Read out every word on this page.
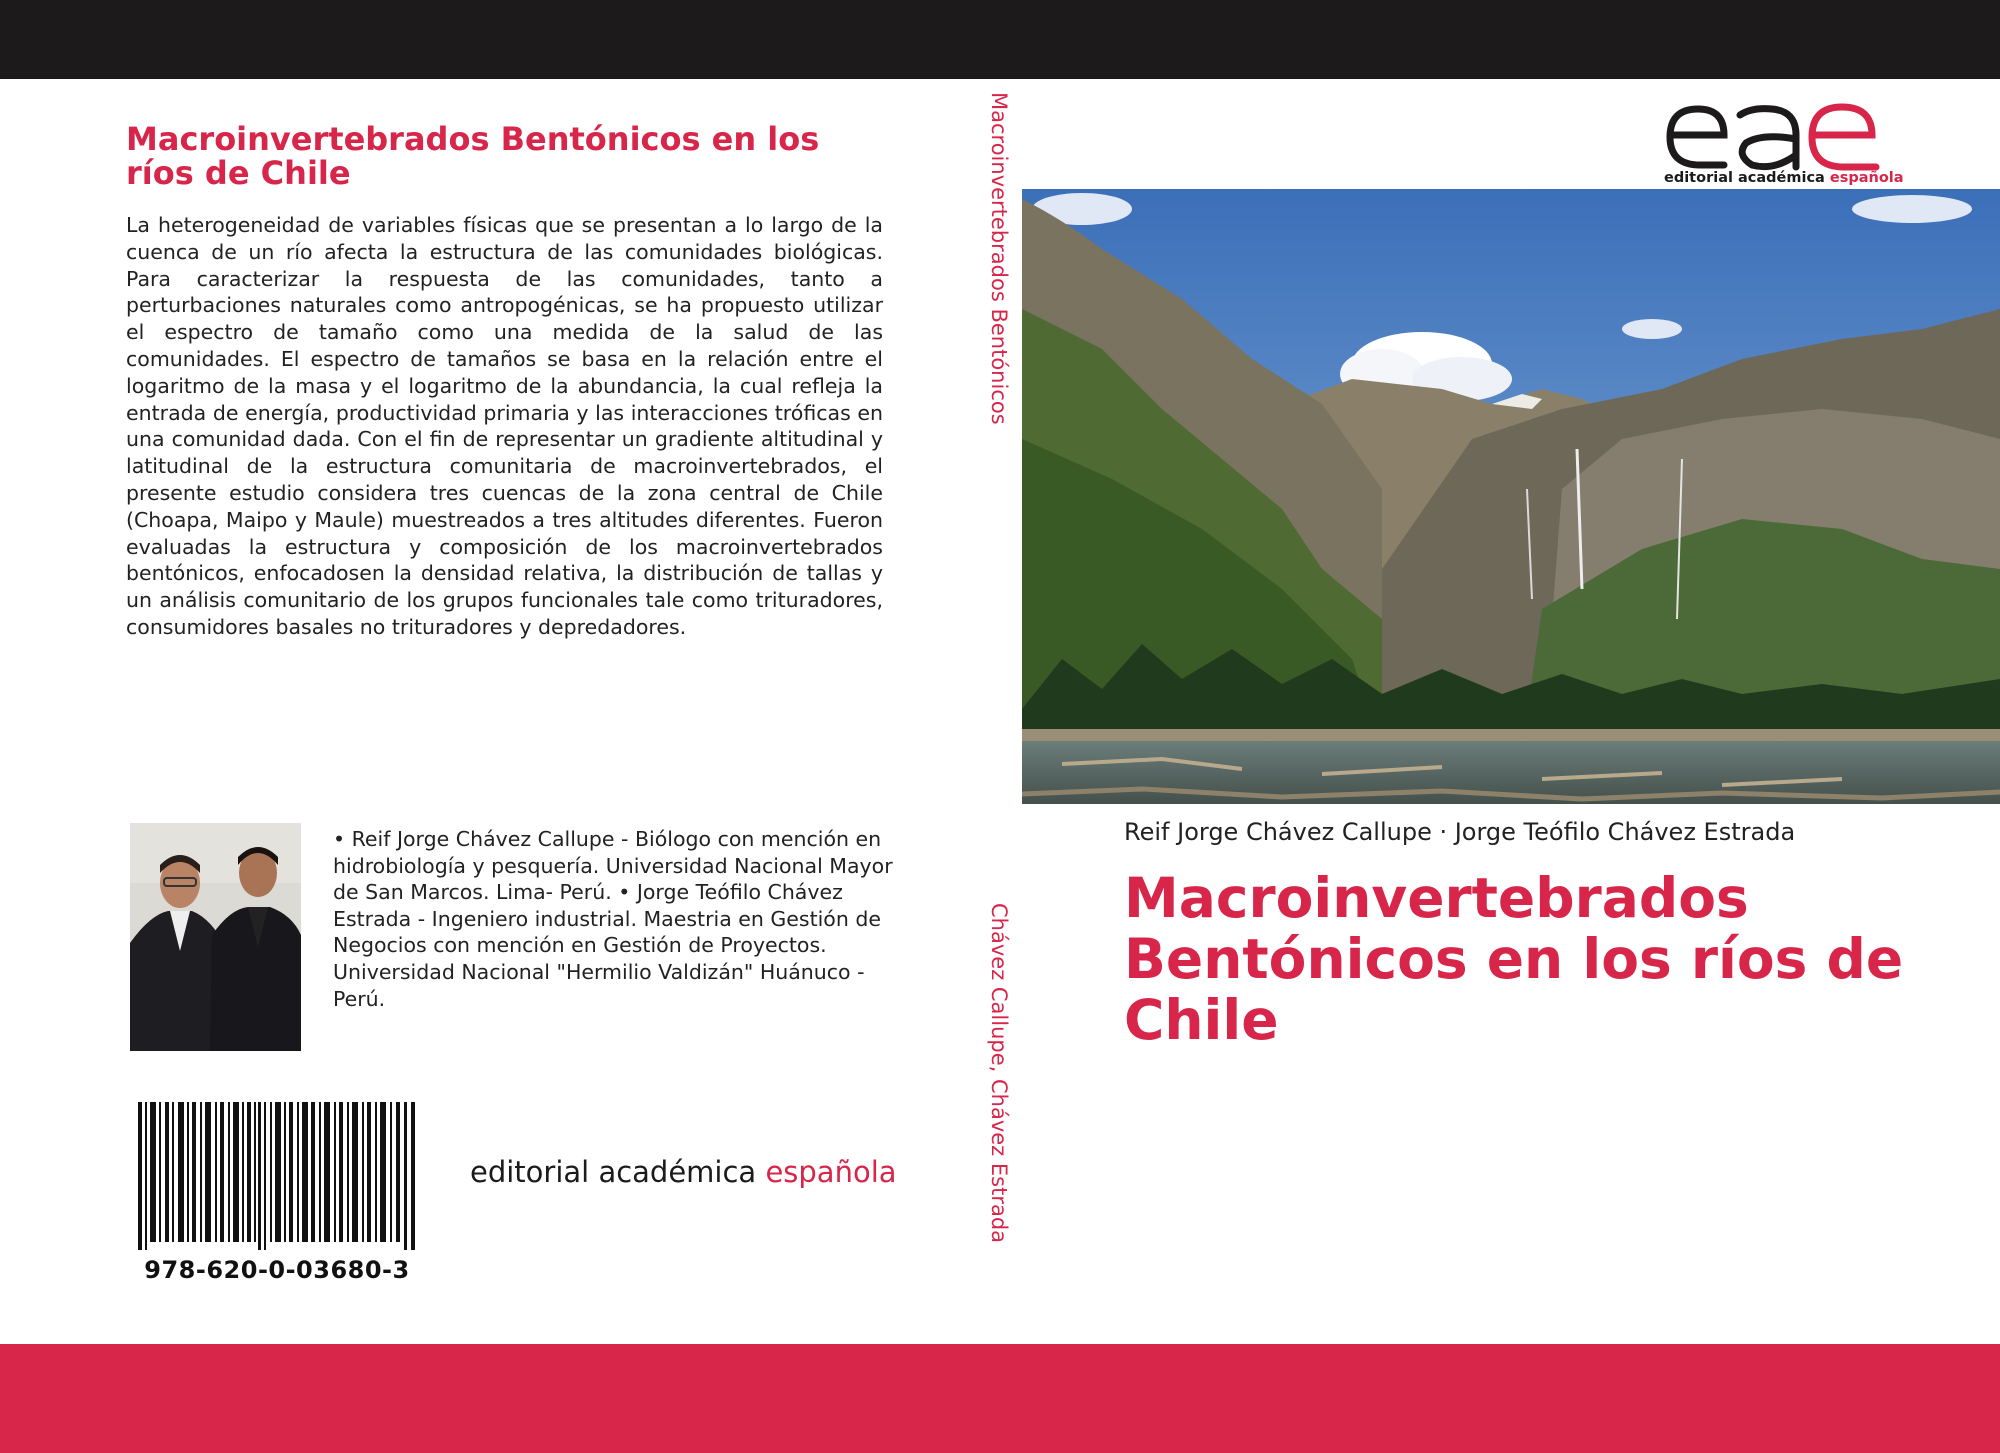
Macroinvertebrados Bentónicos en los ríos de Chile

La heterogeneidad de variables físicas que se presentan a lo largo de la cuenca de un río afecta la estructura de las comunidades biológicas. Para caracterizar la respuesta de las comunidades, tanto a perturbaciones naturales como antropogénicas, se ha propuesto utilizar el espectro de tamaño como una medida de la salud de las comunidades. El espectro de tamaños se basa en la relación entre el logaritmo de la masa y el logaritmo de la abundancia, la cual refleja la entrada de energía, productividad primaria y las interacciones tróficas en una comunidad dada. Con el fin de representar un gradiente altitudinal y latitudinal de la estructura comunitaria de macroinvertebrados, el presente estudio considera tres cuencas de la zona central de Chile (Choapa, Maipo y Maule) muestreados a tres altitudes diferentes. Fueron evaluadas la estructura y composición de los macroinvertebrados bentónicos, enfocadosen la densidad relativa, la distribución de tallas y un análisis comunitario de los grupos funcionales tale como trituradores, consumidores basales no trituradores y depredadores.

• Reif Jorge Chávez Callupe - Biólogo con mención en hidrobiología y pesquería. Universidad Nacional Mayor de San Marcos. Lima- Perú. • Jorge Teófilo Chávez Estrada - Ingeniero industrial. Maestria en Gestión de Negocios con mención en Gestión de Proyectos. Universidad Nacional "Hermilio Valdizán" Huánuco - Perú.

978-620-0-03680-3
editorial académica española
Macroinvertebrados Bentónicos
Chávez Callupe, Chávez Estrada
editorial académica española
Reif Jorge Chávez Callupe · Jorge Teófilo Chávez Estrada
Macroinvertebrados Bentónicos en los ríos de Chile
